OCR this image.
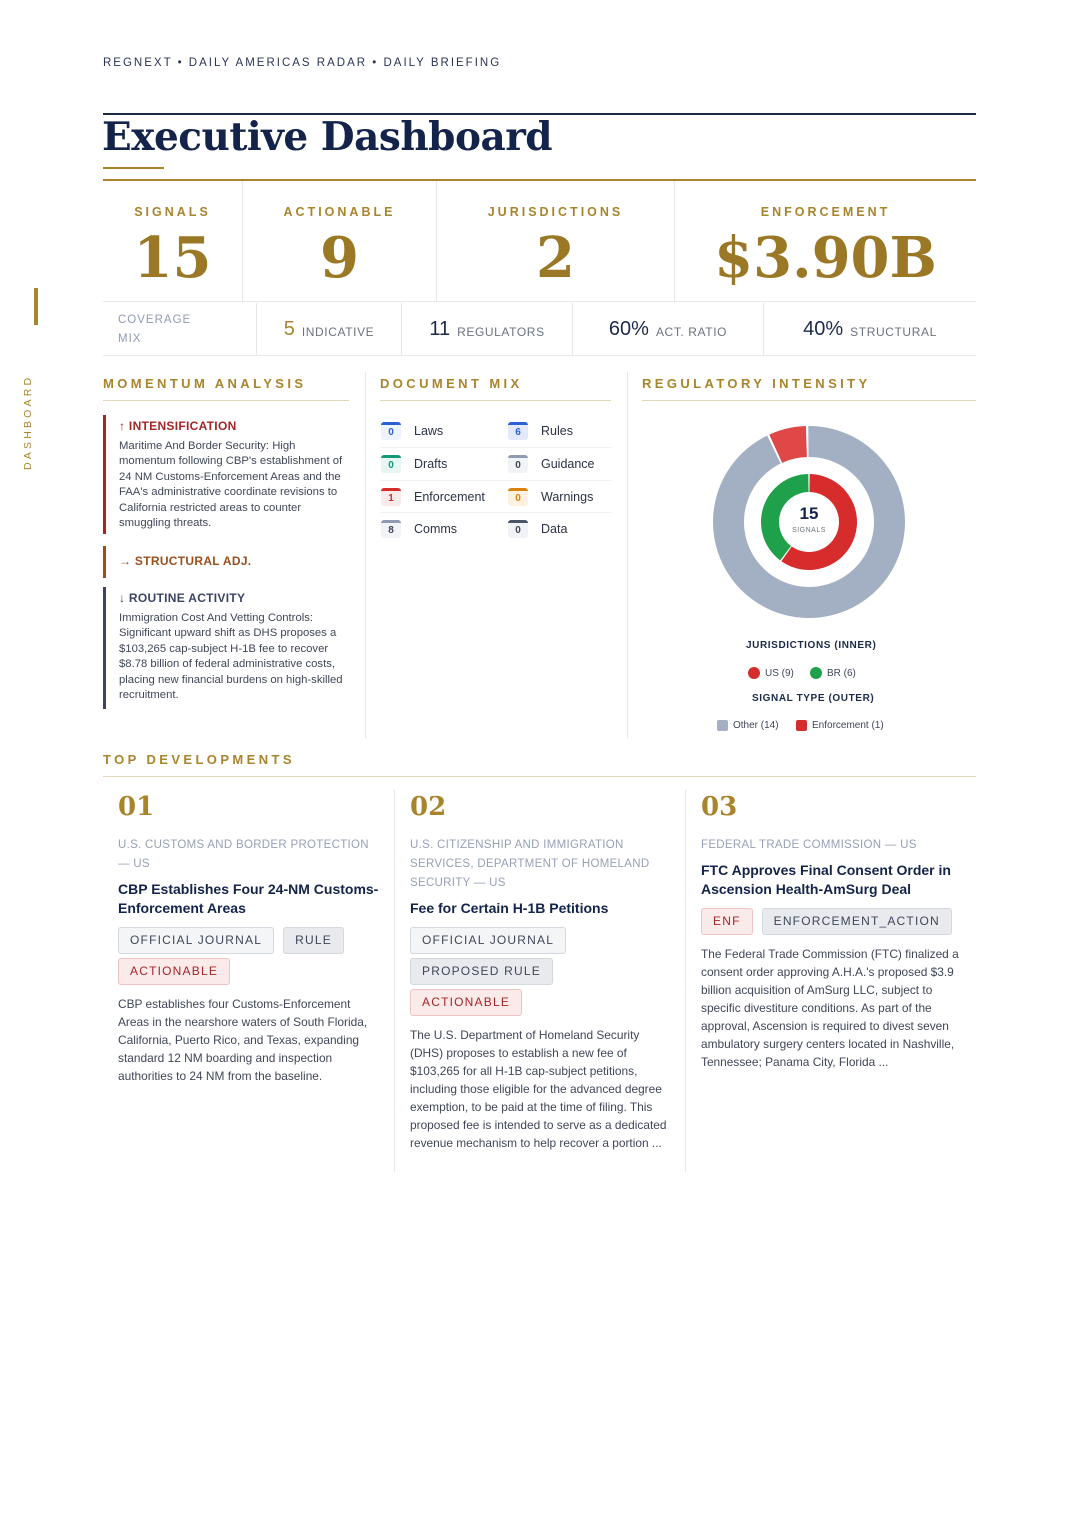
REGNEXT • DAILY AMERICAS RADAR • DAILY BRIEFING
DASHBOARD
Executive Dashboard
SIGNALS
15
ACTIONABLE
9
JURISDICTIONS
2
ENFORCEMENT
$3.90B
COVERAGE MIX	5 INDICATIVE	11 REGULATORS	60% ACT. RATIO	40% STRUCTURAL
MOMENTUM ANALYSIS	DOCUMENT MIX	REGULATORY INTENSITY
↑ INTENSIFICATION
Maritime And Border Security: High momentum following CBP's establishment of 24 NM Customs-Enforcement Areas and the FAA's administrative coordinate revisions to California restricted areas to counter smuggling threats.
→ STRUCTURAL ADJ.
↓ ROUTINE ACTIVITY
Immigration Cost And Vetting Controls: Significant upward shift as DHS proposes a $103,265 cap-subject H-1B fee to recover $8.78 billion of federal administrative costs, placing new financial burdens on high-skilled recruitment.
0	Laws	6	Rules
0	Drafts	0	Guidance
1	Enforcement	0	Warnings
8	Comms	0	Data
15
SIGNALS
JURISDICTIONS (INNER)
US (9)	BR (6)
SIGNAL TYPE (OUTER)
Other (14)	Enforcement (1)
TOP DEVELOPMENTS
01
U.S. CUSTOMS AND BORDER PROTECTION — US
CBP Establishes Four 24-NM Customs-Enforcement Areas
OFFICIAL JOURNAL	RULE
ACTIONABLE
CBP establishes four Customs-Enforcement Areas in the nearshore waters of South Florida, California, Puerto Rico, and Texas, expanding standard 12 NM boarding and inspection authorities to 24 NM from the baseline.
02
U.S. CITIZENSHIP AND IMMIGRATION SERVICES, DEPARTMENT OF HOMELAND SECURITY — US
Fee for Certain H-1B Petitions
OFFICIAL JOURNAL
PROPOSED RULE
ACTIONABLE
The U.S. Department of Homeland Security (DHS) proposes to establish a new fee of $103,265 for all H-1B cap-subject petitions, including those eligible for the advanced degree exemption, to be paid at the time of filing. This proposed fee is intended to serve as a dedicated revenue mechanism to help recover a portion ...
03
FEDERAL TRADE COMMISSION — US
FTC Approves Final Consent Order in Ascension Health-AmSurg Deal
ENF	ENFORCEMENT_ACTION
The Federal Trade Commission (FTC) finalized a consent order approving A.H.A.'s proposed $3.9 billion acquisition of AmSurg LLC, subject to specific divestiture conditions. As part of the approval, Ascension is required to divest seven ambulatory surgery centers located in Nashville, Tennessee; Panama City, Florida ...
